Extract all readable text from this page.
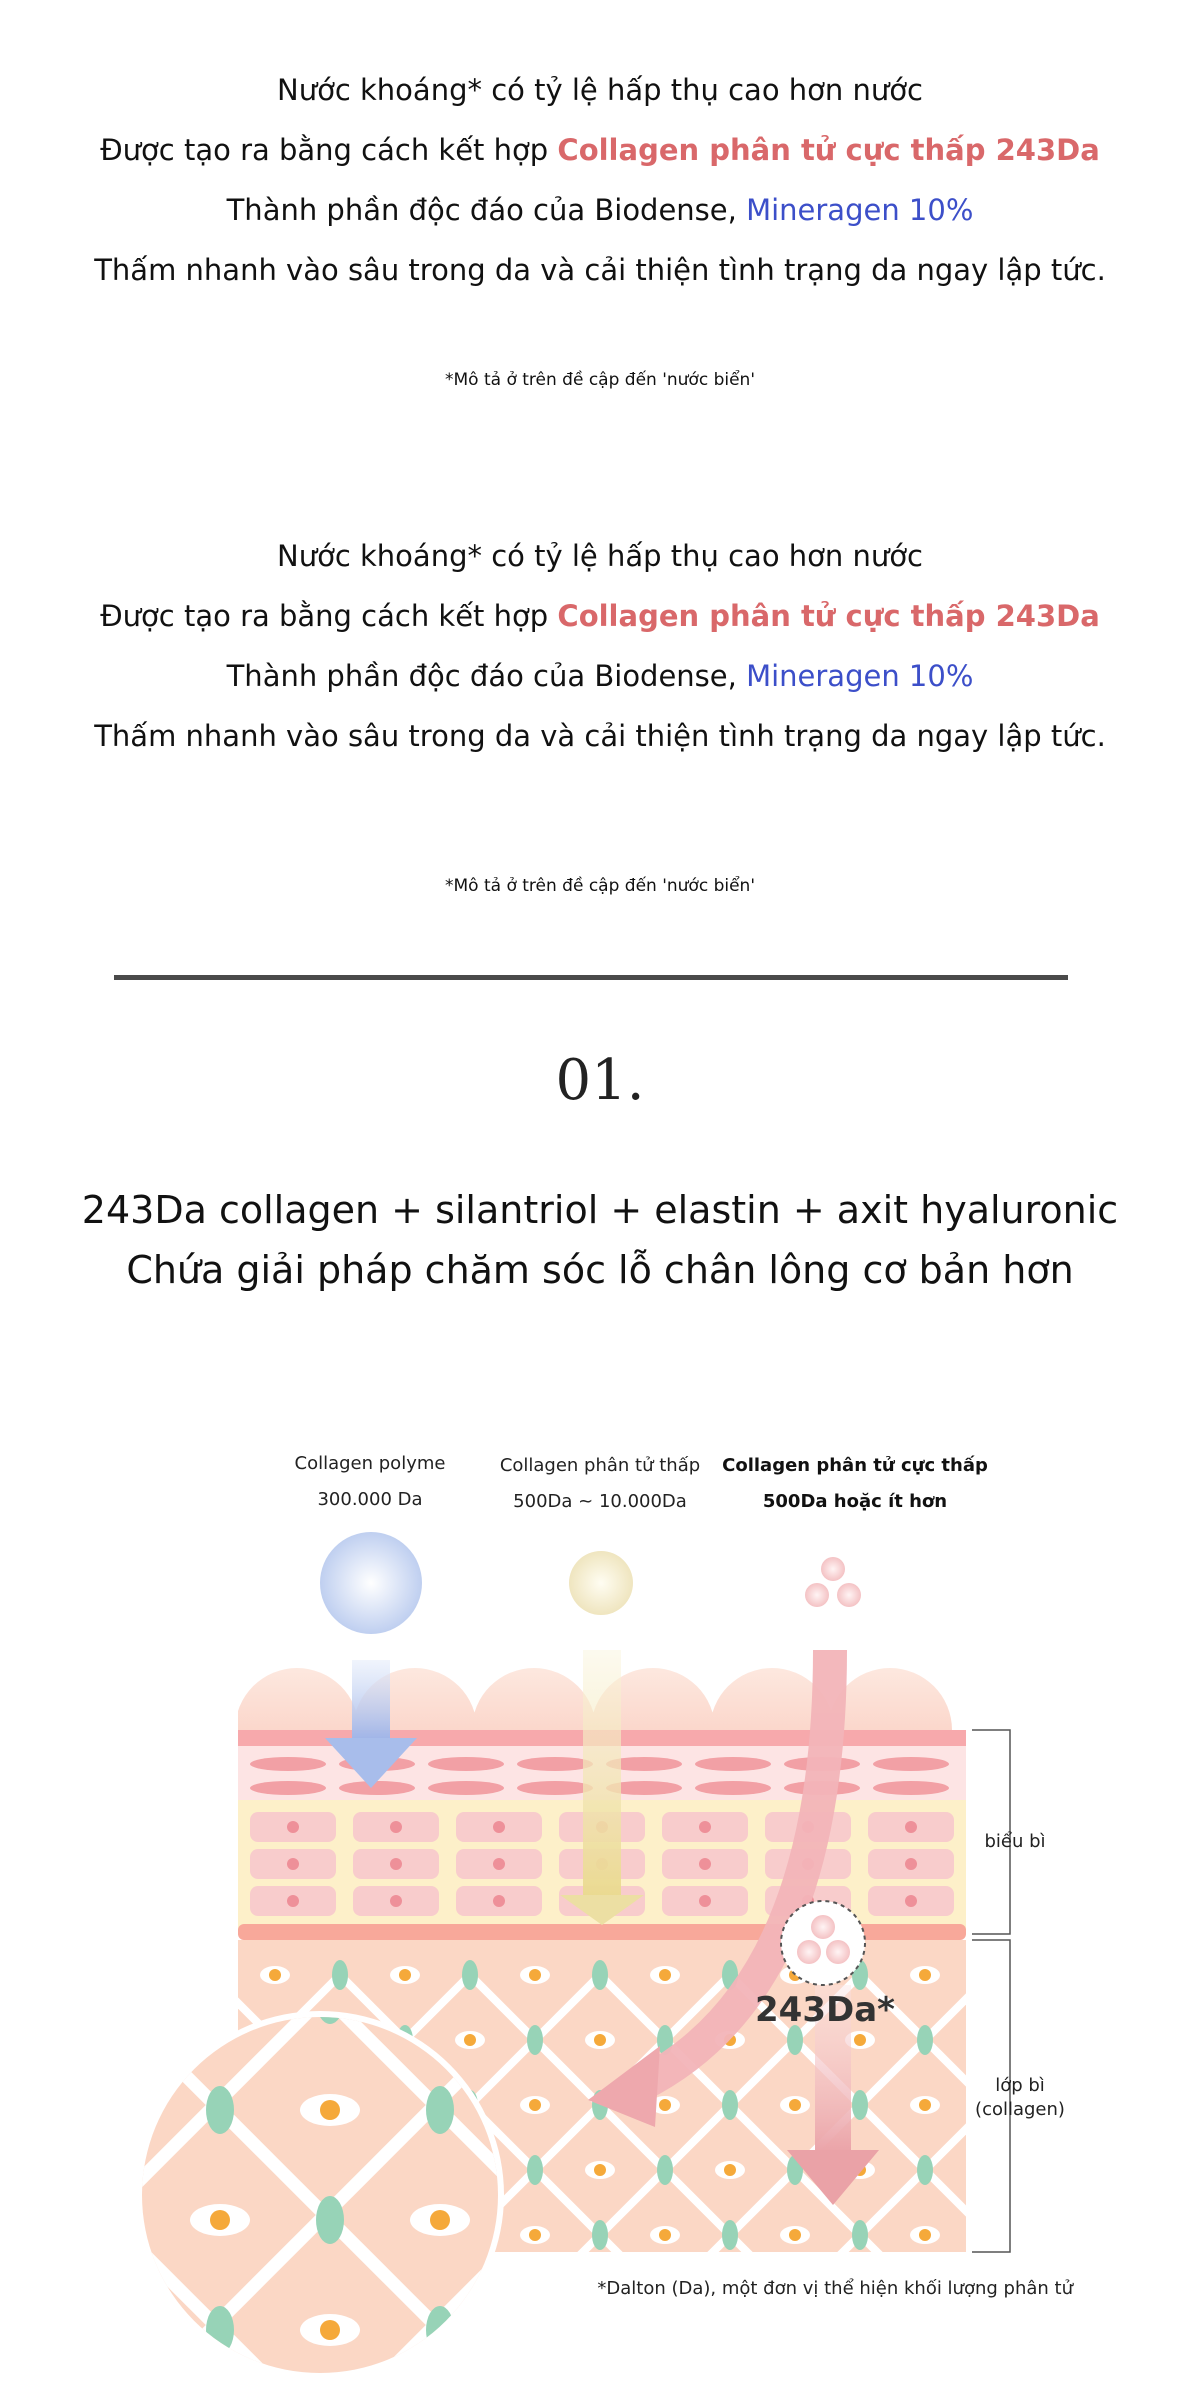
Nước khoáng* có tỷ lệ hấp thụ cao hơn nước
Được tạo ra bằng cách kết hợp Collagen phân tử cực thấp 243Da
Thành phần độc đáo của Biodense, Mineragen 10%
Thấm nhanh vào sâu trong da và cải thiện tình trạng da ngay lập tức.
*Mô tả ở trên đề cập đến 'nước biển'
Nước khoáng* có tỷ lệ hấp thụ cao hơn nước
Được tạo ra bằng cách kết hợp Collagen phân tử cực thấp 243Da
Thành phần độc đáo của Biodense, Mineragen 10%
Thấm nhanh vào sâu trong da và cải thiện tình trạng da ngay lập tức.
*Mô tả ở trên đề cập đến 'nước biển'
01.
243Da collagen + silantriol + elastin + axit hyaluronic
Chứa giải pháp chăm sóc lỗ chân lông cơ bản hơn
Collagen polyme
300.000 Da
Collagen phân tử thấp
500Da ~ 10.000Da
Collagen phân tử cực thấp
500Da hoặc ít hơn
243Da*
biểu bì
lớp bì
(collagen)
*Dalton (Da), một đơn vị thể hiện khối lượng phân tử
